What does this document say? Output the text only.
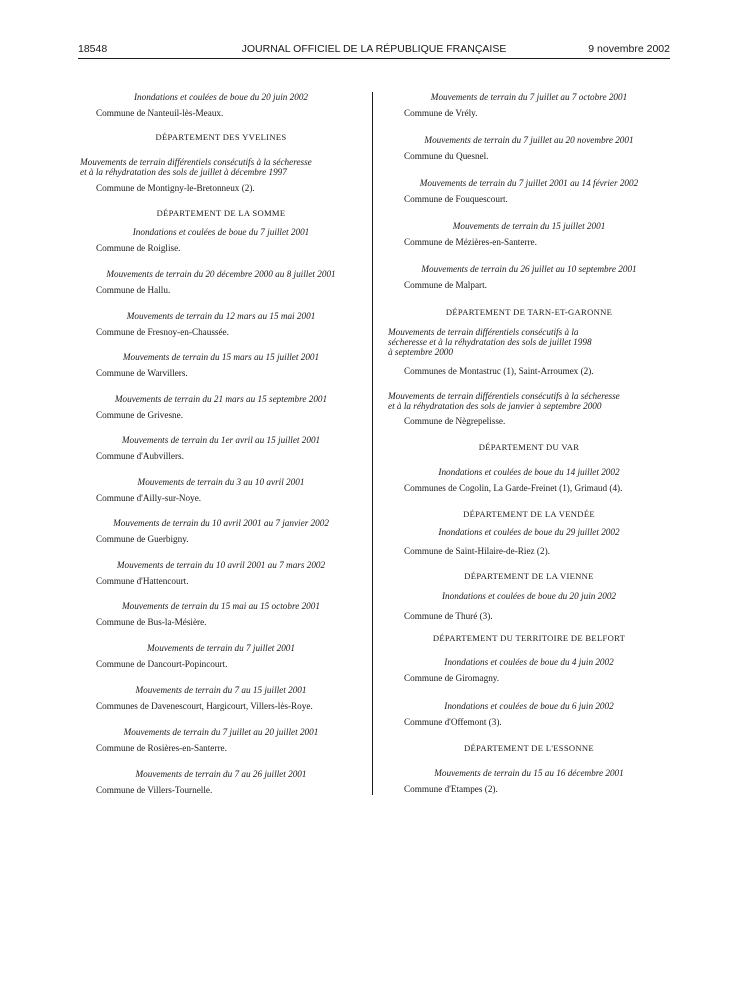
18548	JOURNAL OFFICIEL DE LA RÉPUBLIQUE FRANÇAISE	9 novembre 2002
Inondations et coulées de boue du 20 juin 2002
Commune de Nanteuil-lès-Meaux.
DÉPARTEMENT DES YVELINES
Mouvements de terrain différentiels consécutifs à la sécheresse
et à la réhydratation des sols de juillet à décembre 1997
Commune de Montigny-le-Bretonneux (2).
DÉPARTEMENT DE LA SOMME
Inondations et coulées de boue du 7 juillet 2001
Commune de Roiglise.
Mouvements de terrain du 20 décembre 2000 au 8 juillet 2001
Commune de Hallu.
Mouvements de terrain du 12 mars au 15 mai 2001
Commune de Fresnoy-en-Chaussée.
Mouvements de terrain du 15 mars au 15 juillet 2001
Commune de Warvillers.
Mouvements de terrain du 21 mars au 15 septembre 2001
Commune de Grivesne.
Mouvements de terrain du 1er avril au 15 juillet 2001
Commune d'Aubvillers.
Mouvements de terrain du 3 au 10 avril 2001
Commune d'Ailly-sur-Noye.
Mouvements de terrain du 10 avril 2001 au 7 janvier 2002
Commune de Guerbigny.
Mouvements de terrain du 10 avril 2001 au 7 mars 2002
Commune d'Hattencourt.
Mouvements de terrain du 15 mai au 15 octobre 2001
Commune de Bus-la-Mésière.
Mouvements de terrain du 7 juillet 2001
Commune de Dancourt-Popincourt.
Mouvements de terrain du 7 au 15 juillet 2001
Communes de Davenescourt, Hargicourt, Villers-lès-Roye.
Mouvements de terrain du 7 juillet au 20 juillet 2001
Commune de Rosières-en-Santerre.
Mouvements de terrain du 7 au 26 juillet 2001
Commune de Villers-Tournelle.
Mouvements de terrain du 7 juillet au 7 octobre 2001
Commune de Vrély.
Mouvements de terrain du 7 juillet au 20 novembre 2001
Commune du Quesnel.
Mouvements de terrain du 7 juillet 2001 au 14 février 2002
Commune de Fouquescourt.
Mouvements de terrain du 15 juillet 2001
Commune de Mézières-en-Santerre.
Mouvements de terrain du 26 juillet au 10 septembre 2001
Commune de Malpart.
DÉPARTEMENT DE TARN-ET-GARONNE
Mouvements de terrain différentiels consécutifs à la
sécheresse et à la réhydratation des sols de juillet 1998
à septembre 2000
Communes de Montastruc (1), Saint-Arroumex (2).
Mouvements de terrain différentiels consécutifs à la sécheresse
et à la réhydratation des sols de janvier à septembre 2000
Commune de Nègrepelisse.
DÉPARTEMENT DU VAR
Inondations et coulées de boue du 14 juillet 2002
Communes de Cogolin, La Garde-Freinet (1), Grimaud (4).
DÉPARTEMENT DE LA VENDÉE
Inondations et coulées de boue du 29 juillet 2002
Commune de Saint-Hilaire-de-Riez (2).
DÉPARTEMENT DE LA VIENNE
Inondations et coulées de boue du 20 juin 2002
Commune de Thuré (3).
DÉPARTEMENT DU TERRITOIRE DE BELFORT
Inondations et coulées de boue du 4 juin 2002
Commune de Giromagny.
Inondations et coulées de boue du 6 juin 2002
Commune d'Offemont (3).
DÉPARTEMENT DE L'ESSONNE
Mouvements de terrain du 15 au 16 décembre 2001
Commune d'Etampes (2).
